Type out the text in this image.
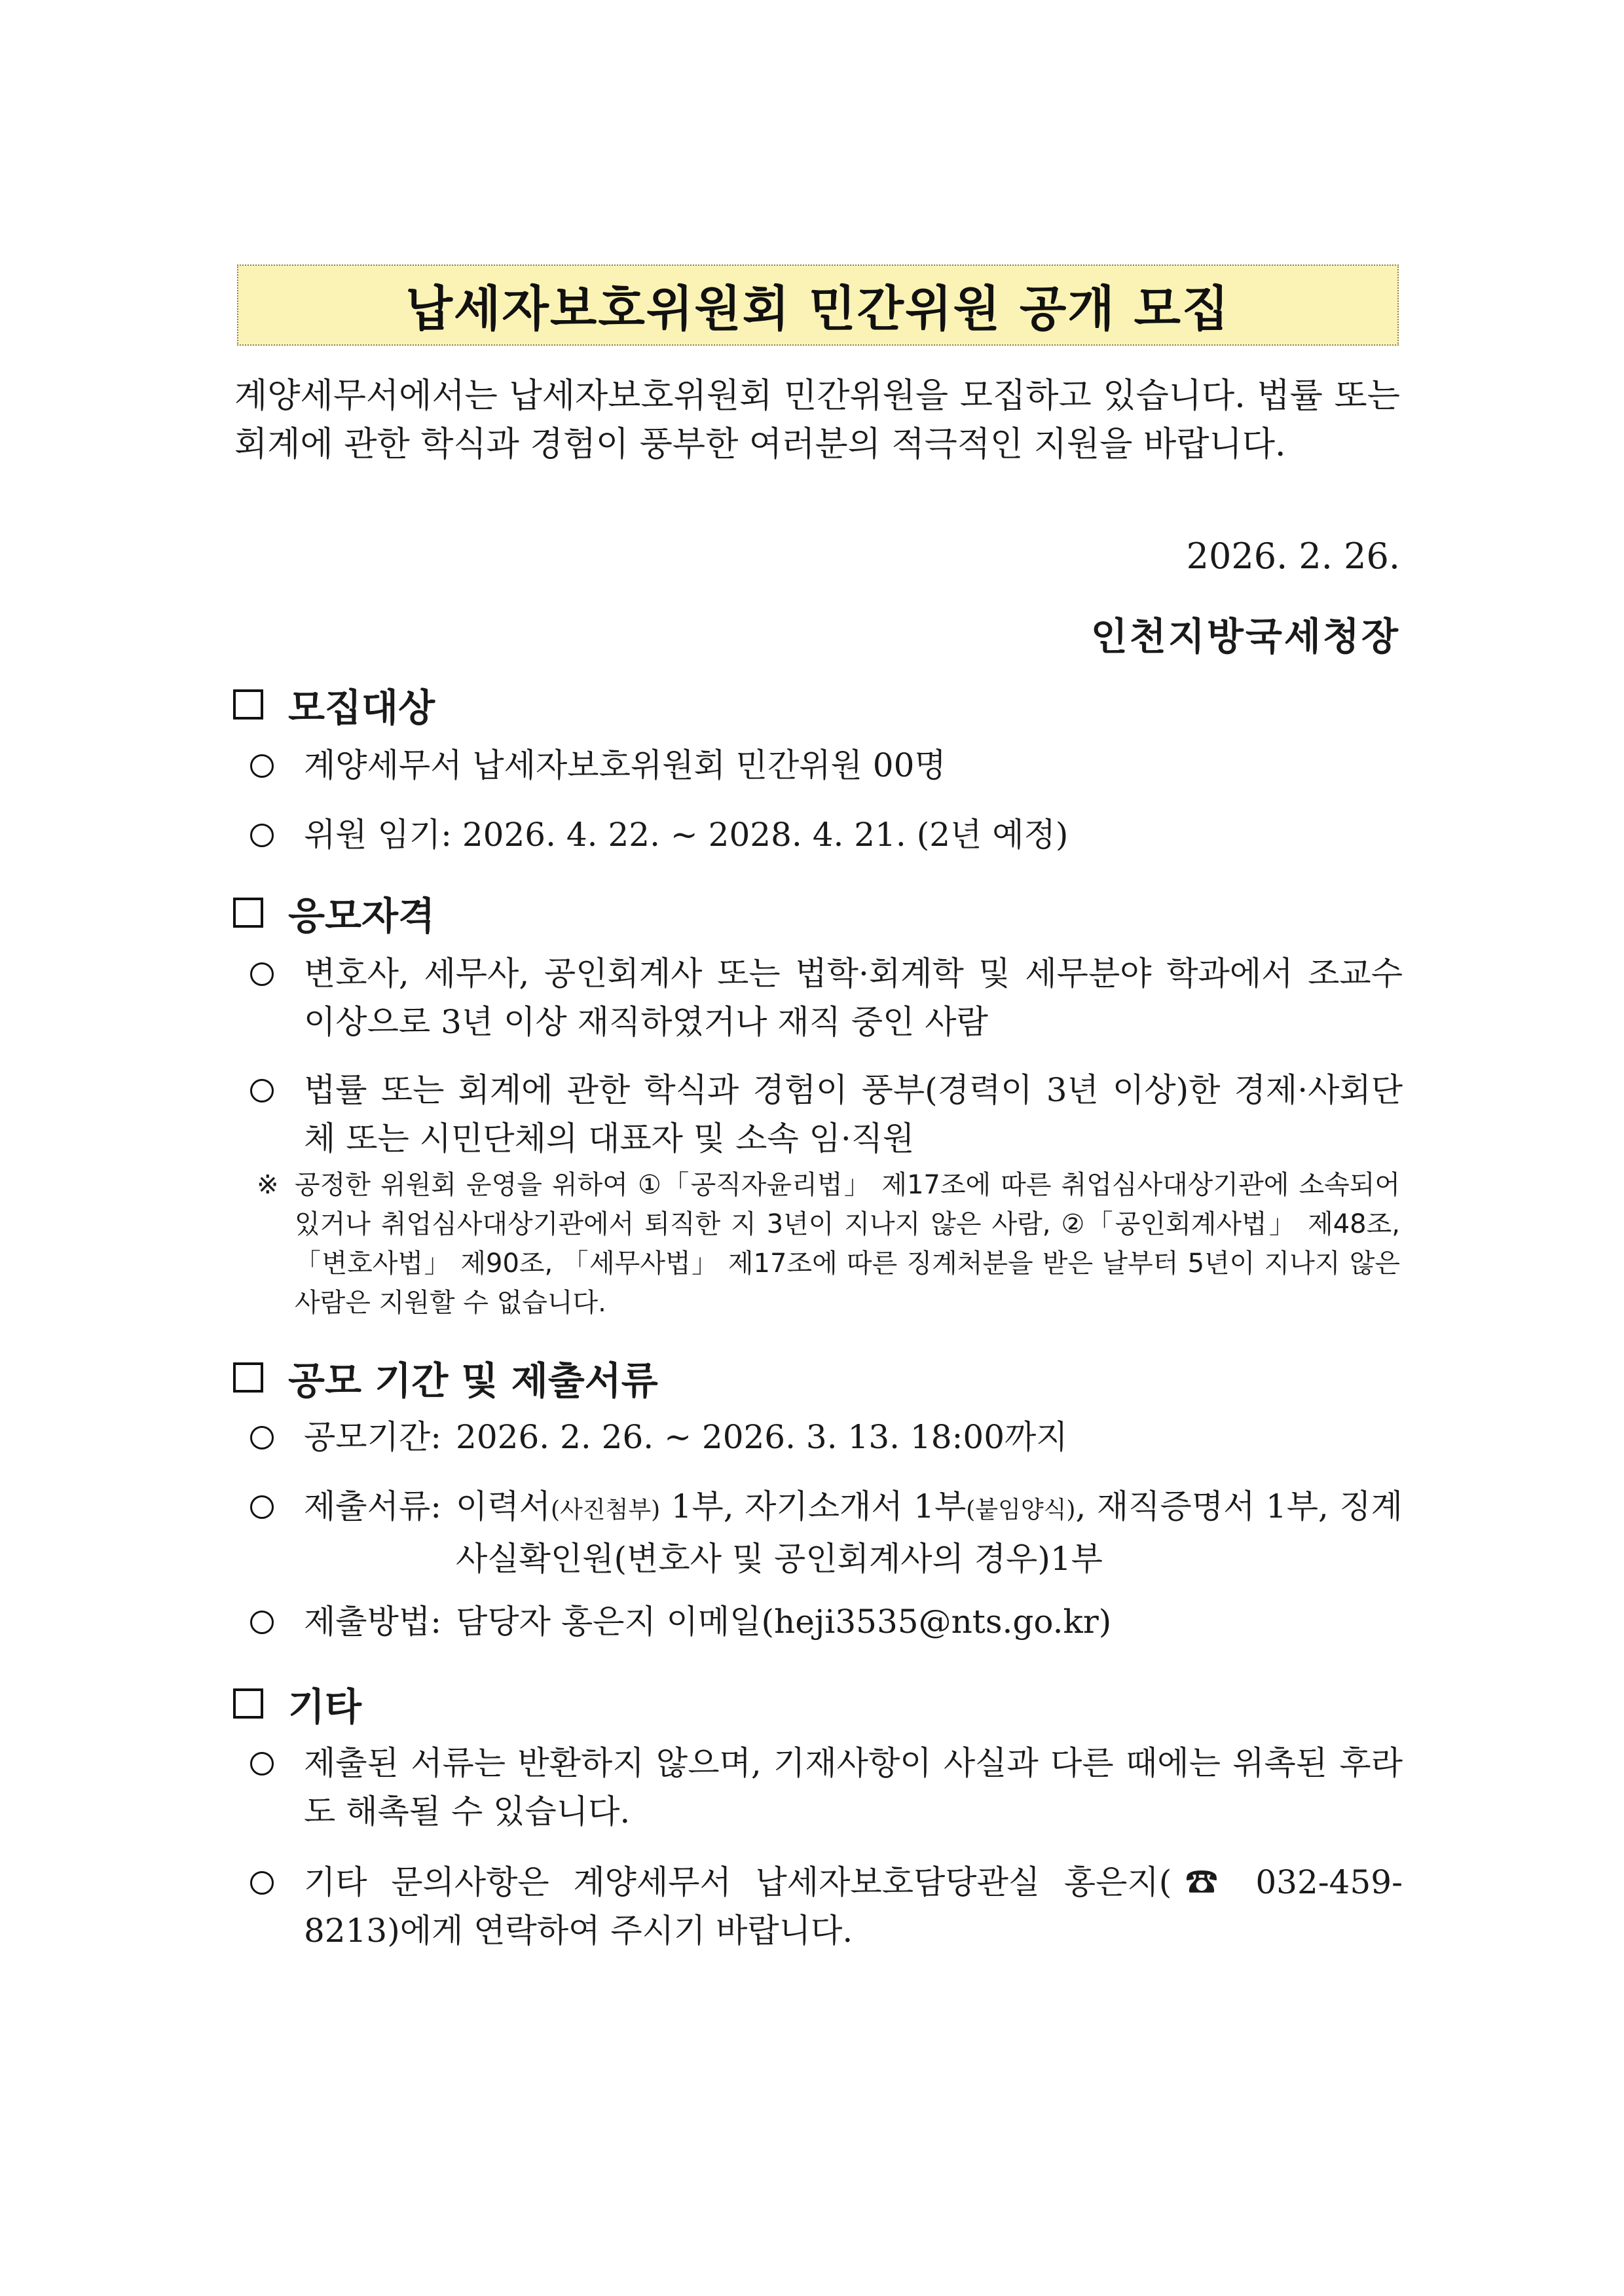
납세자보호위원회 민간위원 공개 모집
계양세무서에서는 납세자보호위원회 민간위원을 모집하고 있습니다. 법률 또는 회계에 관한 학식과 경험이 풍부한 여러분의 적극적인 지원을 바랍니다.
2026. 2. 26.
인천지방국세청장
모집대상
계양세무서 납세자보호위원회 민간위원 00명
위원 임기: 2026. 4. 22. ~ 2028. 4. 21. (2년 예정)
응모자격
변호사, 세무사, 공인회계사 또는 법학·회계학 및 세무분야 학과에서 조교수 이상으로 3년 이상 재직하였거나 재직 중인 사람
법률 또는 회계에 관한 학식과 경험이 풍부(경력이 3년 이상)한 경제·사회단체 또는 시민단체의 대표자 및 소속 임·직원
※ 공정한 위원회 운영을 위하여 ①「공직자윤리법」 제17조에 따른 취업심사대상기관에 소속되어 있거나 취업심사대상기관에서 퇴직한 지 3년이 지나지 않은 사람, ②「공인회계사법」 제48조, 「변호사법」 제90조, 「세무사법」 제17조에 따른 징계처분을 받은 날부터 5년이 지나지 않은 사람은 지원할 수 없습니다.
공모 기간 및 제출서류
공모기간: 2026. 2. 26. ~ 2026. 3. 13. 18:00까지
제출서류: 이력서(사진첨부) 1부, 자기소개서 1부(붙임양식), 재직증명서 1부, 징계사실확인원(변호사 및 공인회계사의 경우)1부
제출방법: 담당자 홍은지 이메일(heji3535@nts.go.kr)
기타
제출된 서류는 반환하지 않으며, 기재사항이 사실과 다른 때에는 위촉된 후라도 해촉될 수 있습니다.
기타 문의사항은 계양세무서 납세자보호담당관실 홍은지(☎ 032-459-8213)에게 연락하여 주시기 바랍니다.
